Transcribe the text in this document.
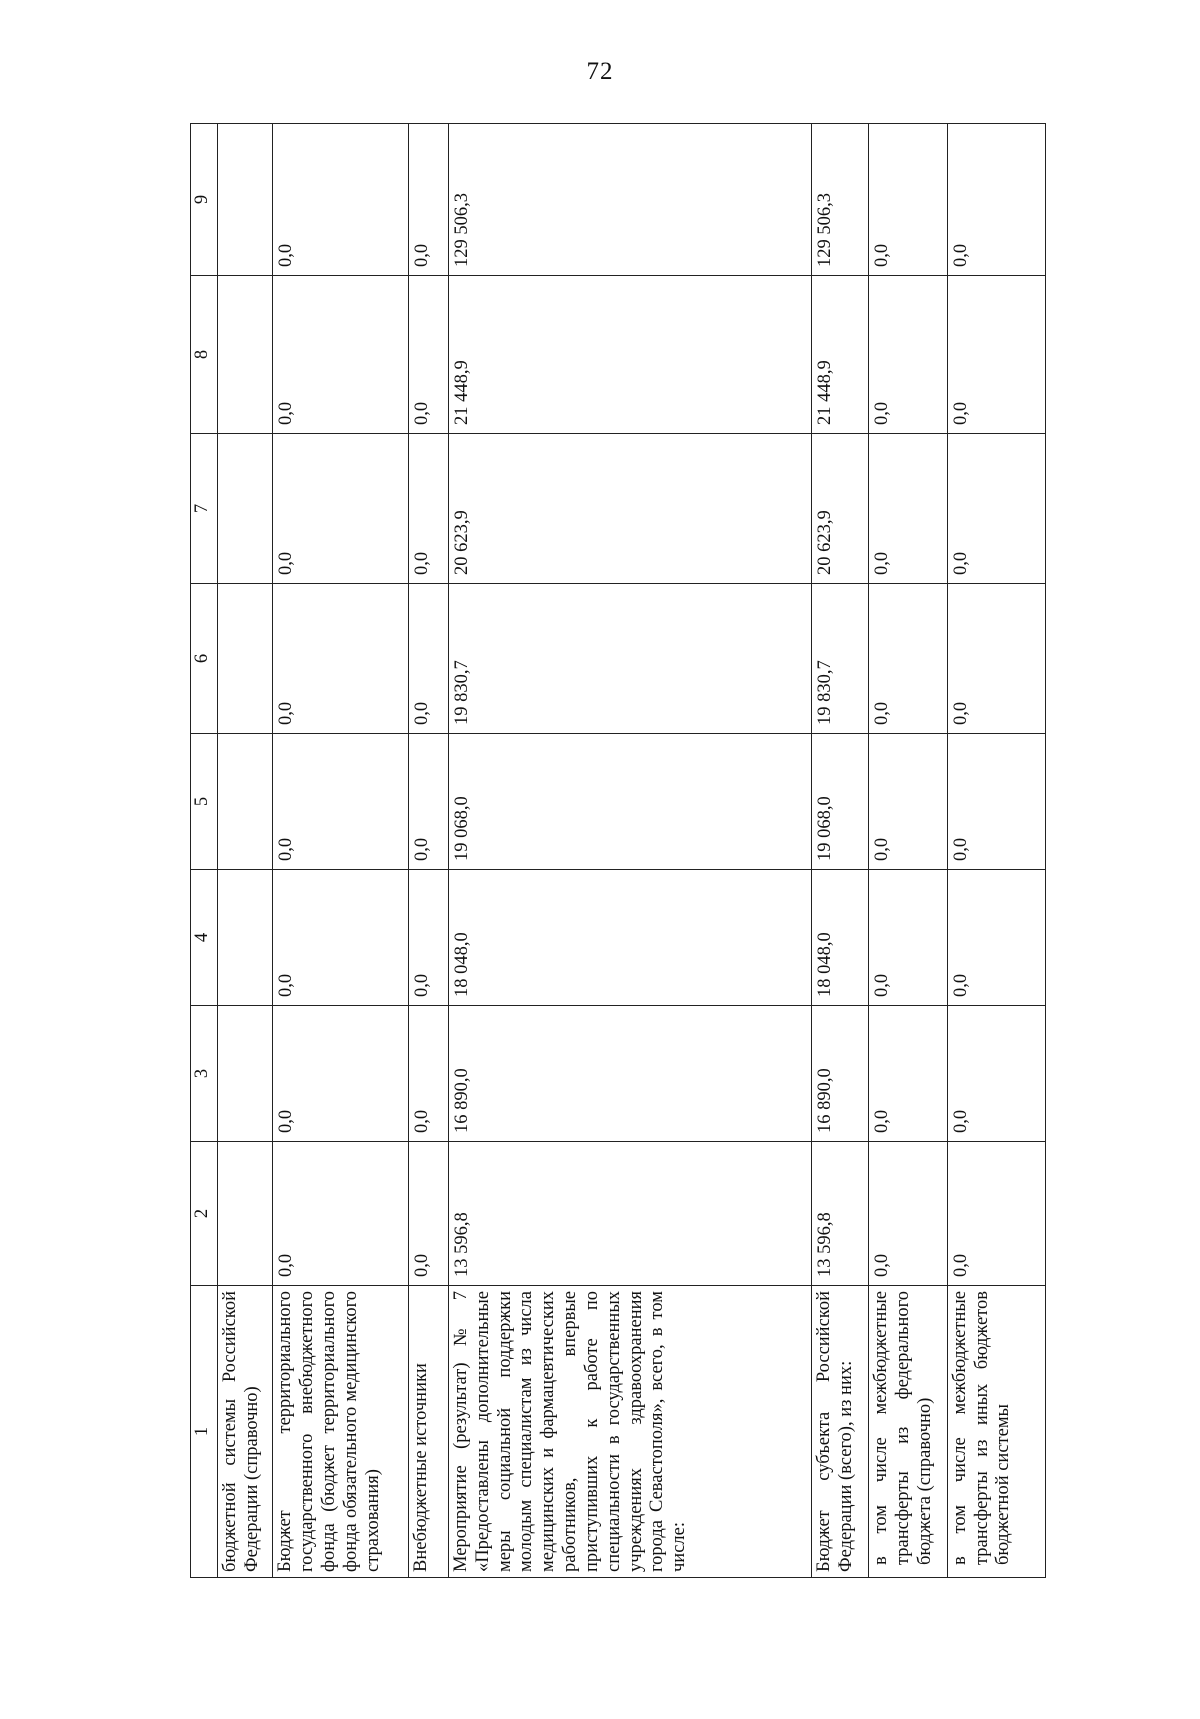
72
1	2	3	4	5	6	7	8	9
бюджетной системы Российской Федерации (справочно)								
Бюджет территориального государственного внебюджетного фонда (бюджет территориального фонда обязательного медицинского страхования)	0,0	0,0	0,0	0,0	0,0	0,0	0,0	0,0
Внебюджетные источники	0,0	0,0	0,0	0,0	0,0	0,0	0,0	0,0
Мероприятие (результат) № 7 «Предоставлены дополнительные меры социальной поддержки молодым специалистам из числа медицинских и фармацевтических работников, впервые приступивших к работе по специальности в государственных учреждениях здравоохранения города Севастополя», всего, в том числе:	13 596,8	16 890,0	18 048,0	19 068,0	19 830,7	20 623,9	21 448,9	129 506,3
Бюджет субъекта Российской Федерации (всего), из них:	13 596,8	16 890,0	18 048,0	19 068,0	19 830,7	20 623,9	21 448,9	129 506,3
в том числе межбюджетные трансферты из федерального бюджета (справочно)	0,0	0,0	0,0	0,0	0,0	0,0	0,0	0,0
в том числе межбюджетные трансферты из иных бюджетов бюджетной системы	0,0	0,0	0,0	0,0	0,0	0,0	0,0	0,0
